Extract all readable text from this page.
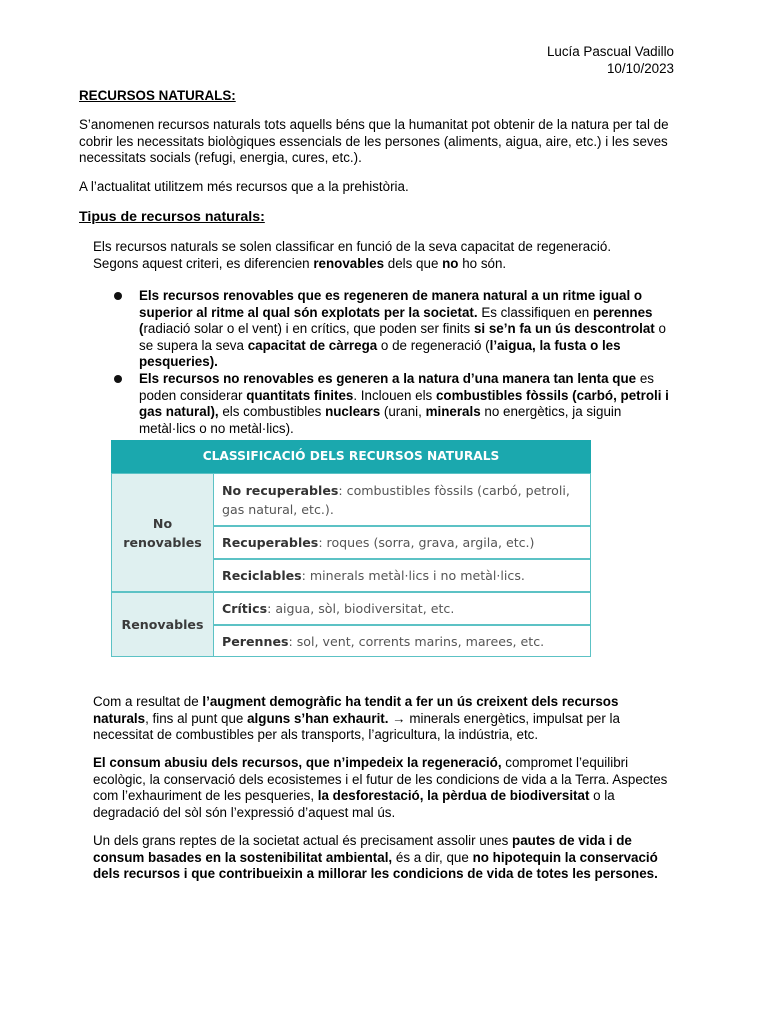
Lucía Pascual Vadillo
10/10/2023
RECURSOS NATURALS:

S’anomenen recursos naturals tots aquells béns que la humanitat pot obtenir de la natura per tal de cobrir les necessitats biològiques essencials de les persones (aliments, aigua, aire, etc.) i les seves necessitats socials (refugi, energia, cures, etc.).

A l’actualitat utilitzem més recursos que a la prehistòria.

Tipus de recursos naturals:

Els recursos naturals se solen classificar en funció de la seva capacitat de regeneració. Segons aquest criteri, es diferencien renovables dels que no ho són.

Els recursos renovables que es regeneren de manera natural a un ritme igual o superior al ritme al qual són explotats per la societat. Es classifiquen en perennes (radiació solar o el vent) i en crítics, que poden ser finits si se’n fa un ús descontrolat o se supera la seva capacitat de càrrega o de regeneració (l’aigua, la fusta o les pesqueries).
Els recursos no renovables es generen a la natura d’una manera tan lenta que es poden considerar quantitats finites. Inclouen els combustibles fòssils (carbó, petroli i gas natural), els combustibles nuclears (urani, minerals no energètics, ja siguin metàl·lics o no metàl·lics).
CLASSIFICACIÓ DELS RECURSOS NATURALS
No renovables
Renovables
No recuperables: combustibles fòssils (carbó, petroli, gas natural, etc.).
Recuperables: roques (sorra, grava, argila, etc.)
Reciclables: minerals metàl·lics i no metàl·lics.
Crítics: aigua, sòl, biodiversitat, etc.
Perennes: sol, vent, corrents marins, marees, etc.

Com a resultat de l’augment demogràfic ha tendit a fer un ús creixent dels recursos naturals, fins al punt que alguns s’han exhaurit. → minerals energètics, impulsat per la necessitat de combustibles per als transports, l’agricultura, la indústria, etc.

El consum abusiu dels recursos, que n’impedeix la regeneració, compromet l’equilibri ecològic, la conservació dels ecosistemes i el futur de les condicions de vida a la Terra. Aspectes com l’exhauriment de les pesqueries, la desforestació, la pèrdua de biodiversitat o la degradació del sòl són l’expressió d’aquest mal ús.

Un dels grans reptes de la societat actual és precisament assolir unes pautes de vida i de consum basades en la sostenibilitat ambiental, és a dir, que no hipotequin la conservació dels recursos i que contribueixin a millorar les condicions de vida de totes les persones.
